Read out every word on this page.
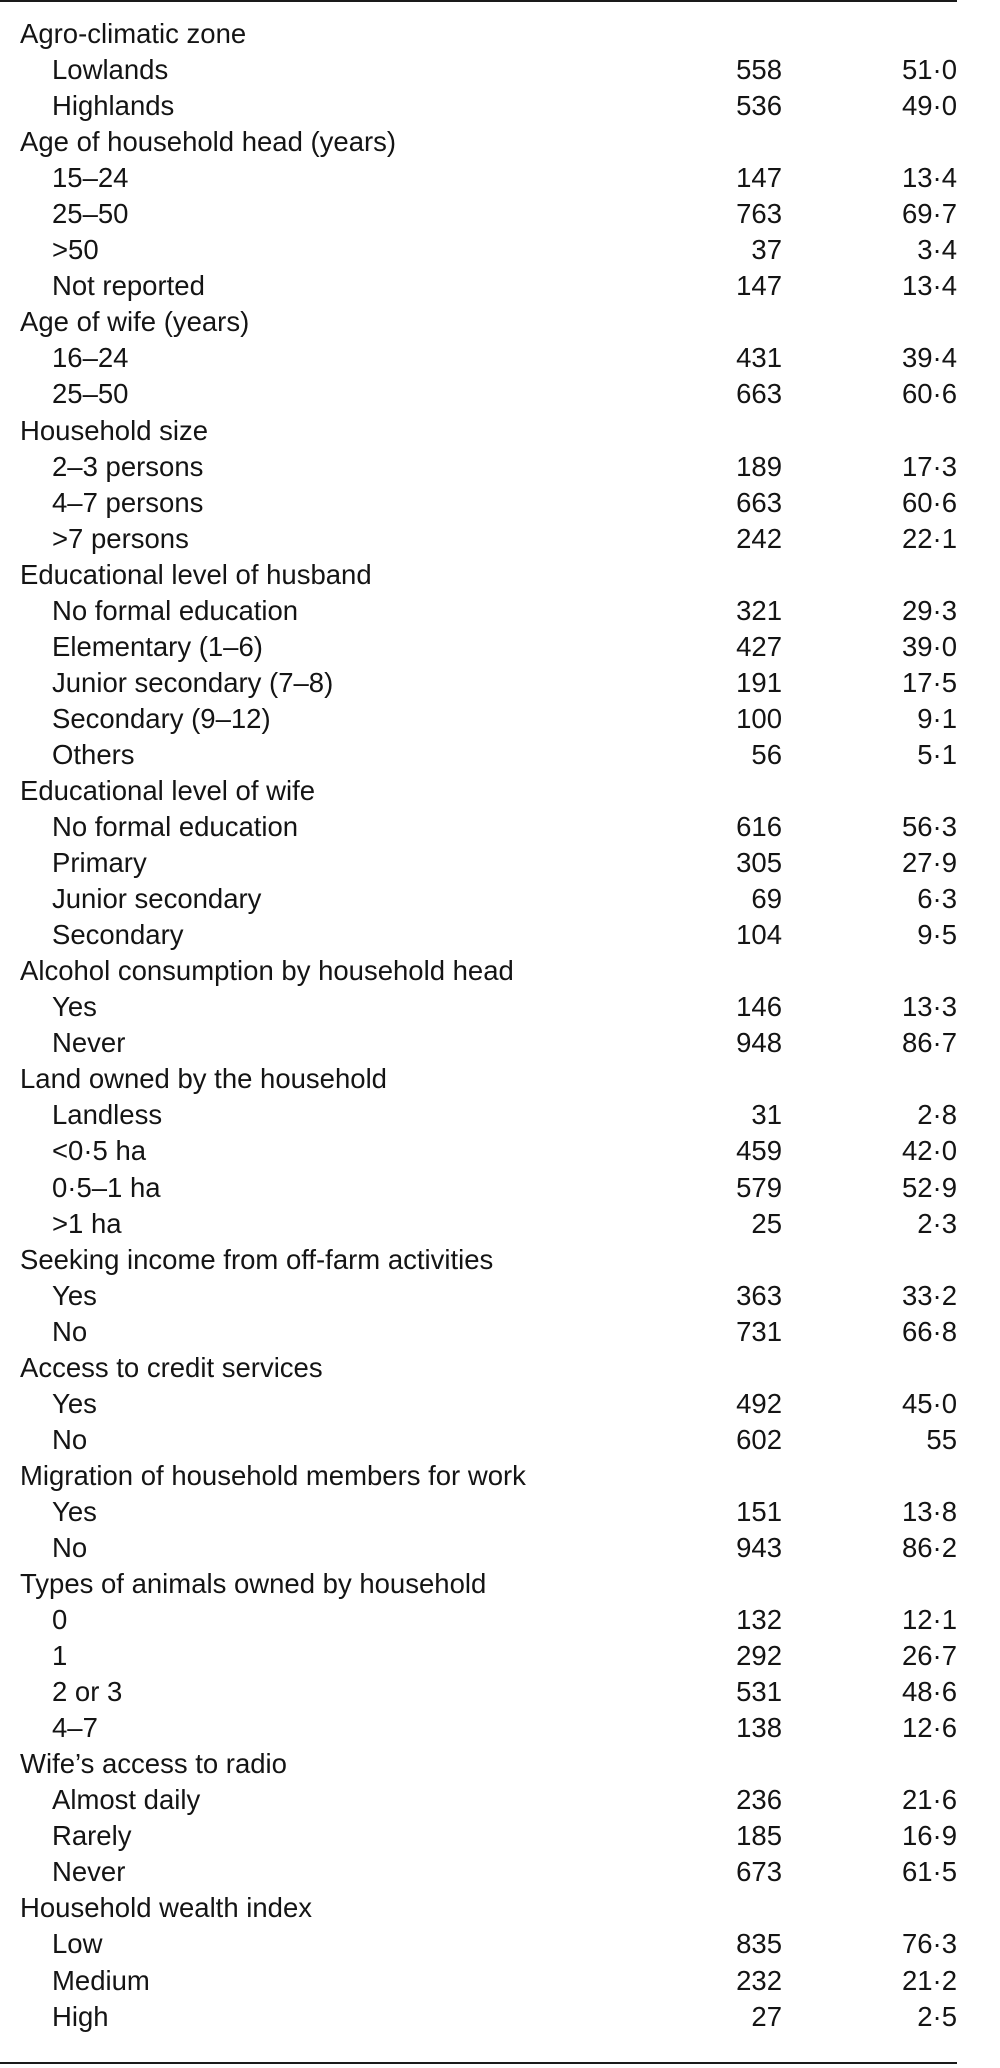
Agro-climatic zone
Lowlands	558	51·0
Highlands	536	49·0
Age of household head (years)
15–24	147	13·4
25–50	763	69·7
>50	37	3·4
Not reported	147	13·4
Age of wife (years)
16–24	431	39·4
25–50	663	60·6
Household size
2–3 persons	189	17·3
4–7 persons	663	60·6
>7 persons	242	22·1
Educational level of husband
No formal education	321	29·3
Elementary (1–6)	427	39·0
Junior secondary (7–8)	191	17·5
Secondary (9–12)	100	9·1
Others	56	5·1
Educational level of wife
No formal education	616	56·3
Primary	305	27·9
Junior secondary	69	6·3
Secondary	104	9·5
Alcohol consumption by household head
Yes	146	13·3
Never	948	86·7
Land owned by the household
Landless	31	2·8
<0·5 ha	459	42·0
0·5–1 ha	579	52·9
>1 ha	25	2·3
Seeking income from off-farm activities
Yes	363	33·2
No	731	66·8
Access to credit services
Yes	492	45·0
No	602	55
Migration of household members for work
Yes	151	13·8
No	943	86·2
Types of animals owned by household
0	132	12·1
1	292	26·7
2 or 3	531	48·6
4–7	138	12·6
Wife’s access to radio
Almost daily	236	21·6
Rarely	185	16·9
Never	673	61·5
Household wealth index
Low	835	76·3
Medium	232	21·2
High	27	2·5
